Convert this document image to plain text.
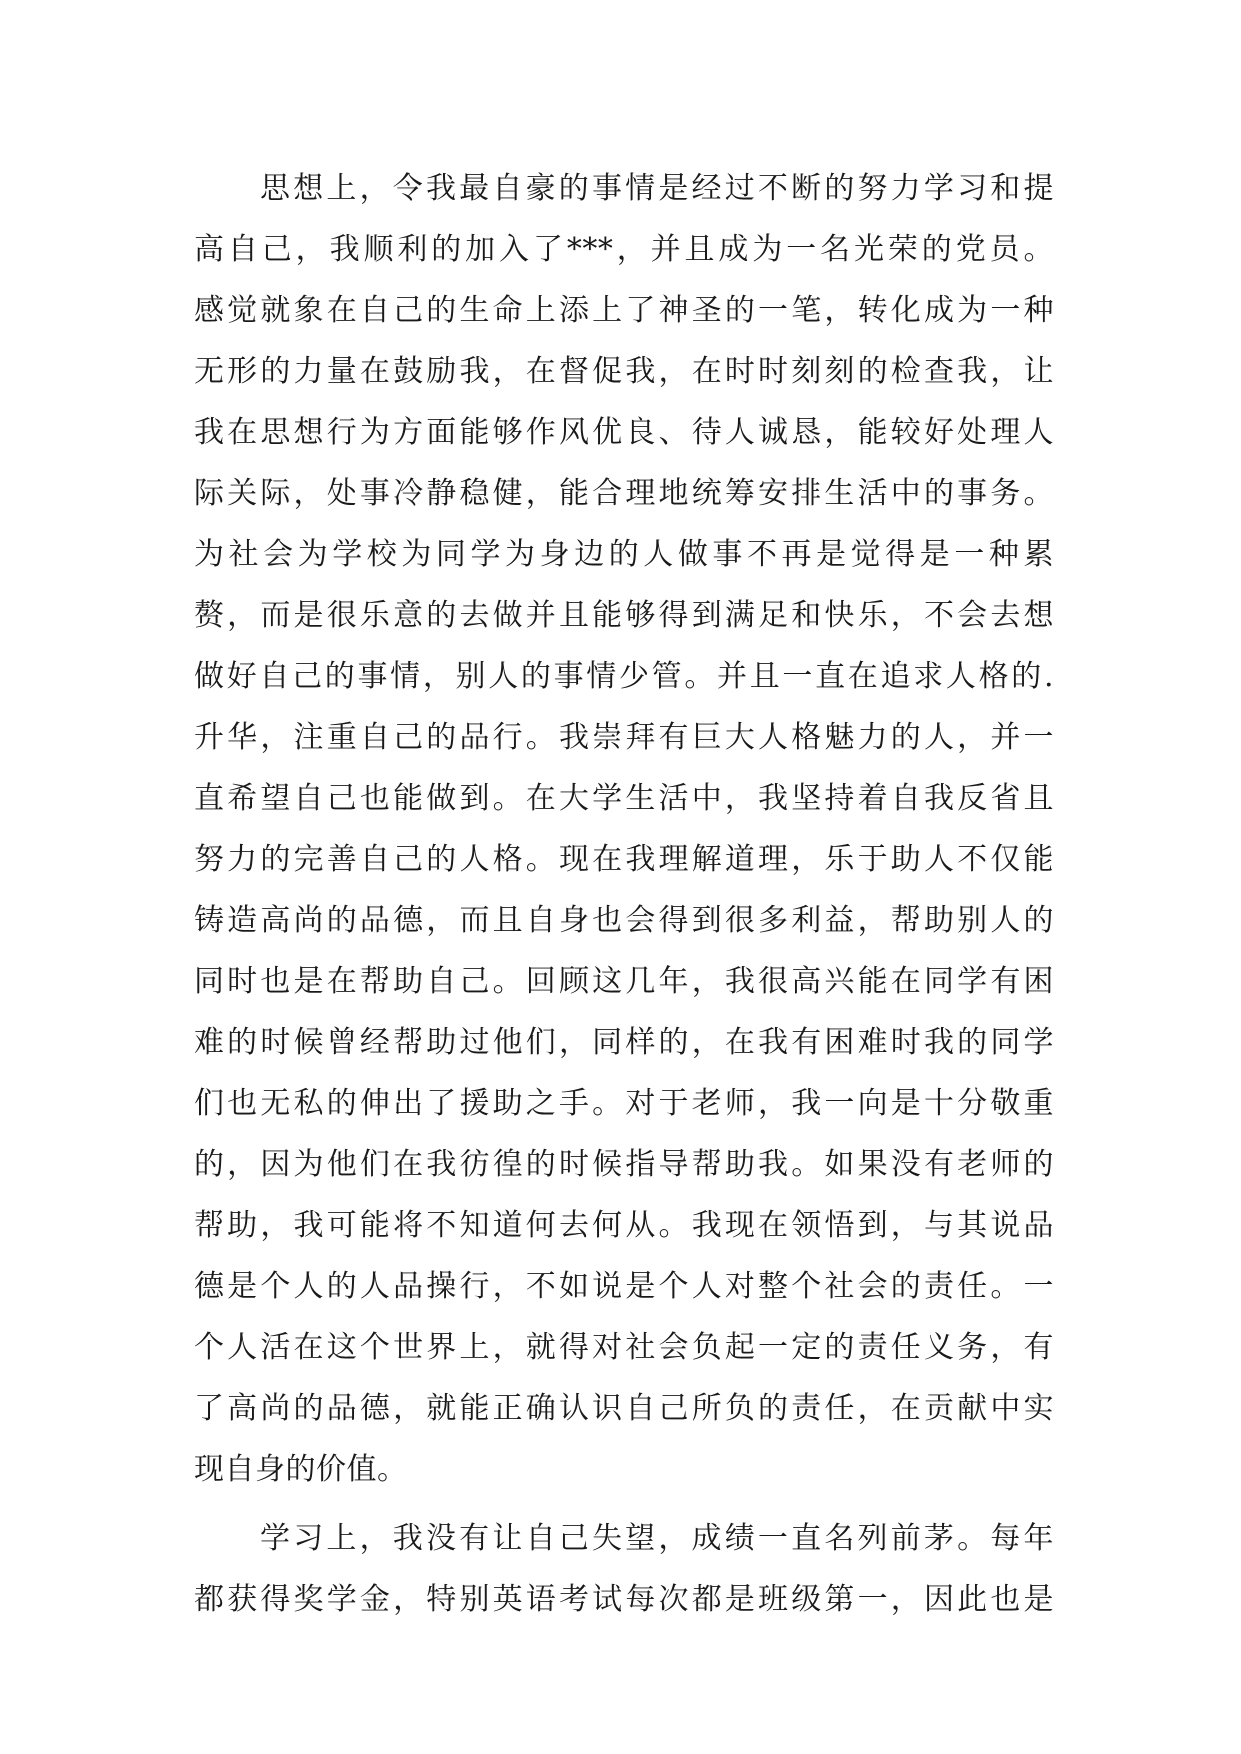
思想上，令我最自豪的事情是经过不断的努力学习和提
高自己，我顺利的加入了***，并且成为一名光荣的党员。
感觉就象在自己的生命上添上了神圣的一笔，转化成为一种
无形的力量在鼓励我，在督促我，在时时刻刻的检查我，让
我在思想行为方面能够作风优良、待人诚恳，能较好处理人
际关际，处事冷静稳健，能合理地统筹安排生活中的事务。
为社会为学校为同学为身边的人做事不再是觉得是一种累
赘，而是很乐意的去做并且能够得到满足和快乐，不会去想
做好自己的事情，别人的事情少管。并且一直在追求人格的.
升华，注重自己的品行。我崇拜有巨大人格魅力的人，并一
直希望自己也能做到。在大学生活中，我坚持着自我反省且
努力的完善自己的人格。现在我理解道理，乐于助人不仅能
铸造高尚的品德，而且自身也会得到很多利益，帮助别人的
同时也是在帮助自己。回顾这几年，我很高兴能在同学有困
难的时候曾经帮助过他们，同样的，在我有困难时我的同学
们也无私的伸出了援助之手。对于老师，我一向是十分敬重
的，因为他们在我彷徨的时候指导帮助我。如果没有老师的
帮助，我可能将不知道何去何从。我现在领悟到，与其说品
德是个人的人品操行，不如说是个人对整个社会的责任。一
个人活在这个世界上，就得对社会负起一定的责任义务，有
了高尚的品德，就能正确认识自己所负的责任，在贡献中实
现自身的价值。
学习上，我没有让自己失望，成绩一直名列前茅。每年
都获得奖学金，特别英语考试每次都是班级第一，因此也是
